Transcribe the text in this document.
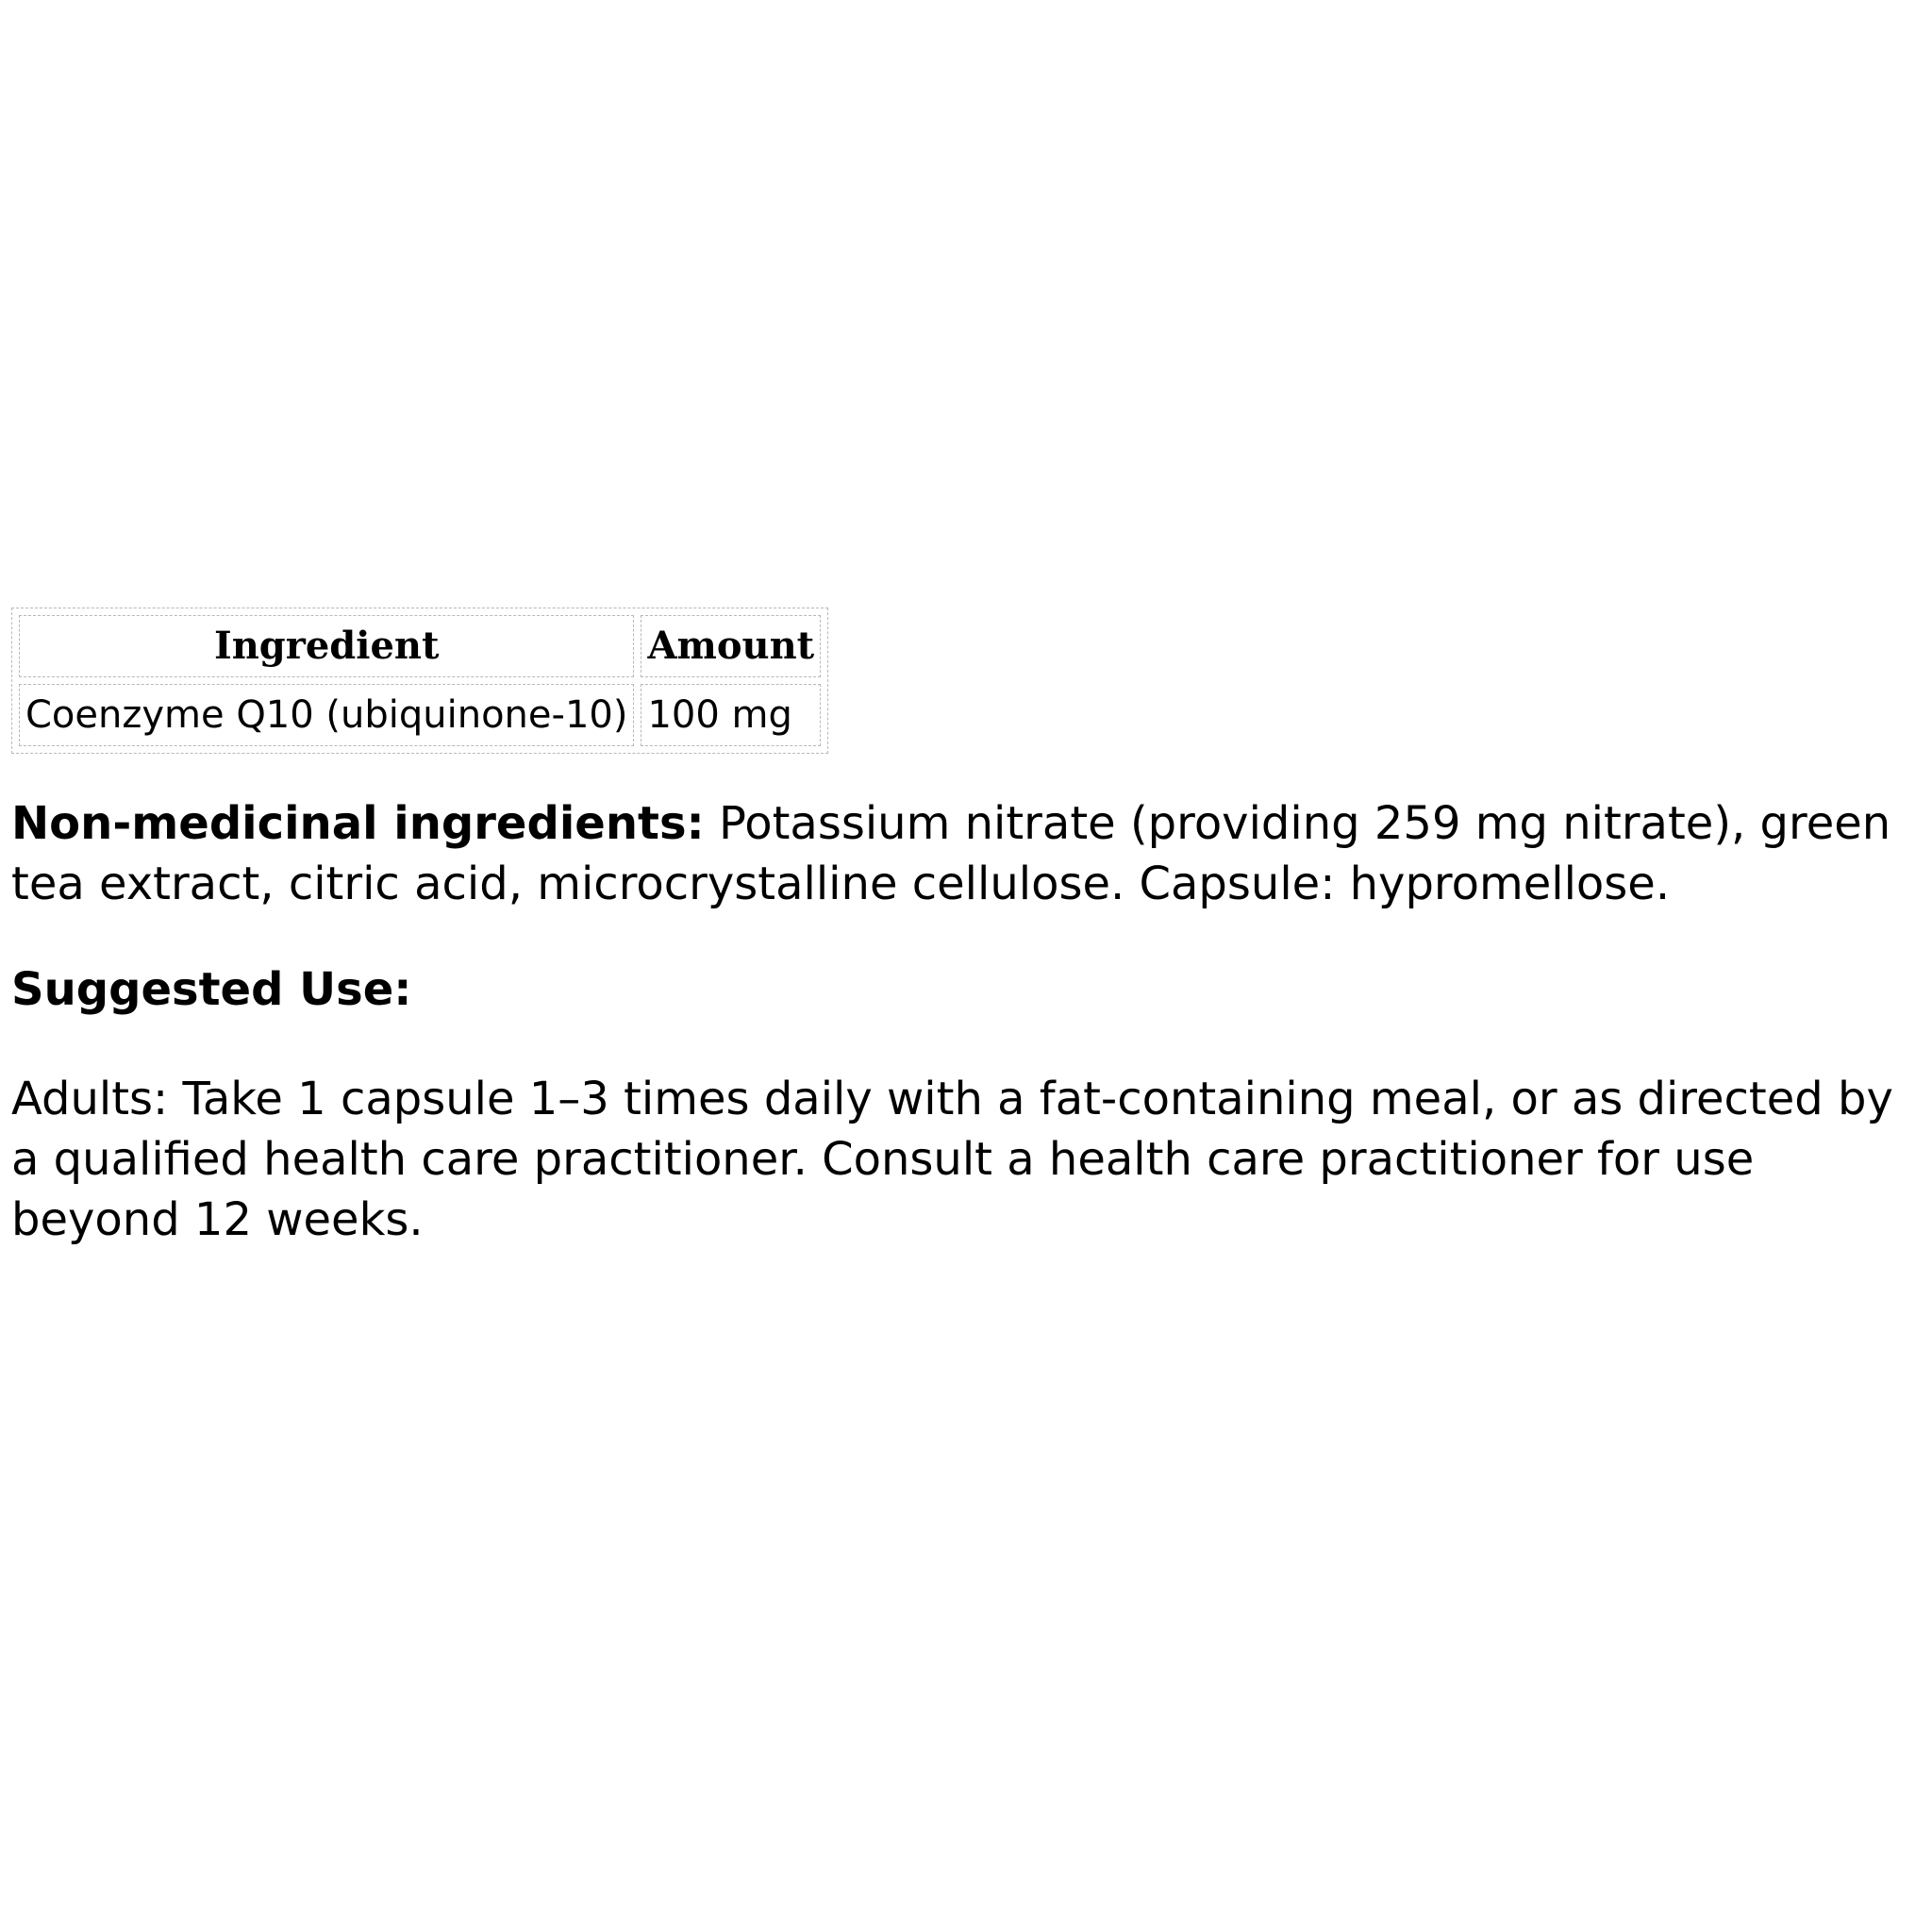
Ingredient	Amount
Coenzyme Q10 (ubiquinone-10)	100 mg

Non-medicinal ingredients: Potassium nitrate (providing 259 mg nitrate), green tea extract, citric acid, microcrystalline cellulose. Capsule: hypromellose.

Suggested Use:

Adults: Take 1 capsule 1–3 times daily with a fat-containing meal, or as directed by a qualified health care practitioner. Consult a health care practitioner for use beyond 12 weeks.
